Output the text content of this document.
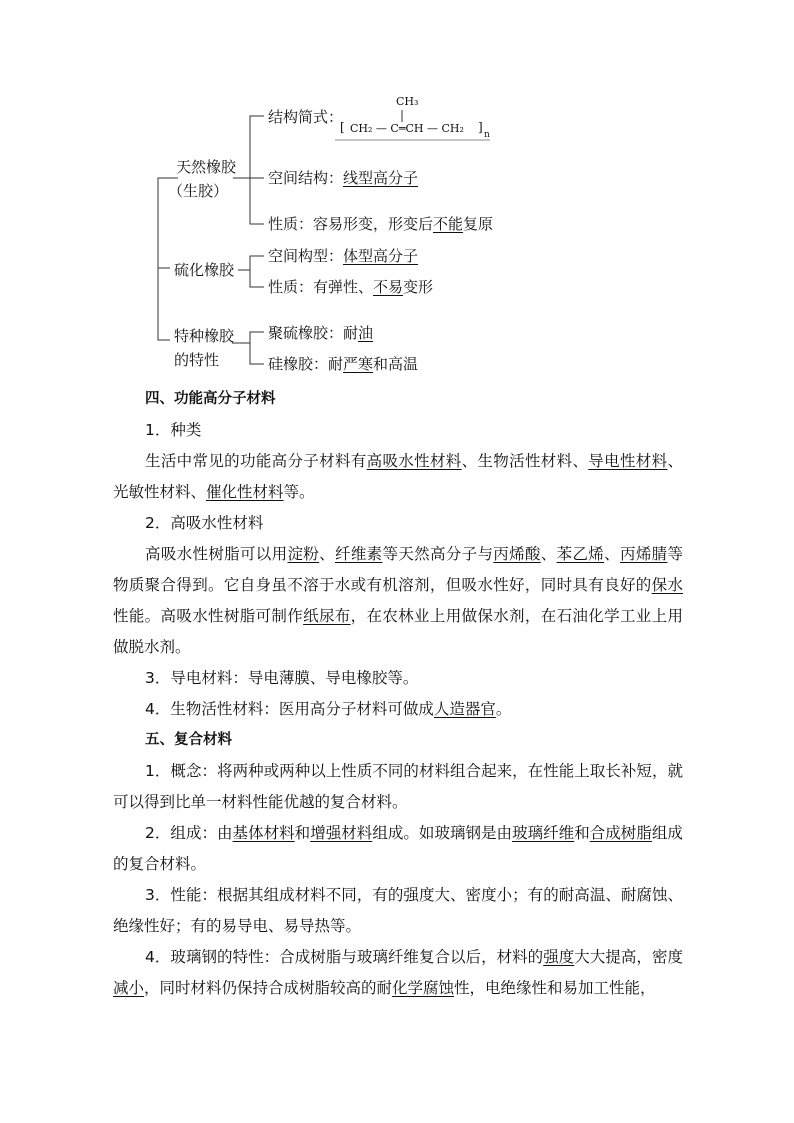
天然橡胶
（生胶）
结构简式：
CH₃
[ CH₂ — C═CH — CH₂ ]
n
空间结构：线型高分子
性质：容易形变，形变后不能复原
硫化橡胶
空间构型：体型高分子
性质：有弹性、不易变形
特种橡胶
的特性
聚硫橡胶：耐油
硅橡胶：耐严寒和高温

四、功能高分子材料

1．种类

生活中常见的功能高分子材料有高吸水性材料、生物活性材料、导电性材料、光敏性材料、催化性材料等。

2．高吸水性材料

高吸水性树脂可以用淀粉、纤维素等天然高分子与丙烯酸、苯乙烯、丙烯腈等物质聚合得到。它自身虽不溶于水或有机溶剂，但吸水性好，同时具有良好的保水性能。高吸水性树脂可制作纸尿布，在农林业上用做保水剂，在石油化学工业上用做脱水剂。

3．导电材料：导电薄膜、导电橡胶等。

4．生物活性材料：医用高分子材料可做成人造器官。

五、复合材料

1．概念：将两种或两种以上性质不同的材料组合起来，在性能上取长补短，就可以得到比单一材料性能优越的复合材料。

2．组成：由基体材料和增强材料组成。如玻璃钢是由玻璃纤维和合成树脂组成的复合材料。

3．性能：根据其组成材料不同，有的强度大、密度小；有的耐高温、耐腐蚀、绝缘性好；有的易导电、易导热等。

4．玻璃钢的特性：合成树脂与玻璃纤维复合以后，材料的强度大大提高，密度减小，同时材料仍保持合成树脂较高的耐化学腐蚀性，电绝缘性和易加工性能，
